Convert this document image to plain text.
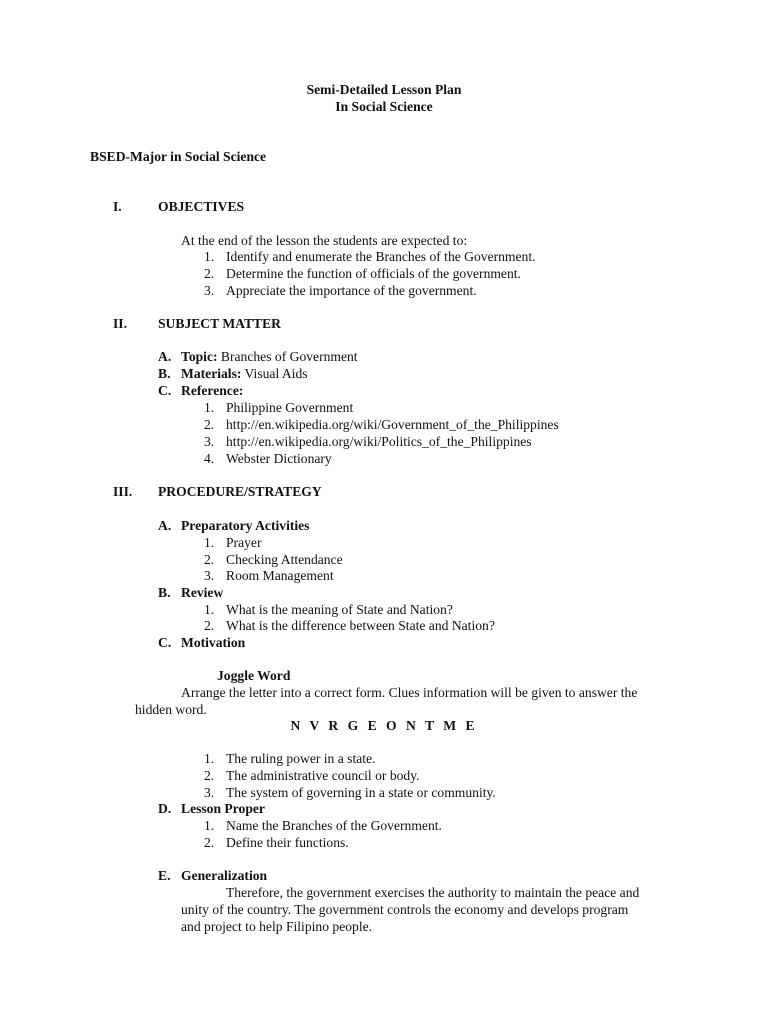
Semi-Detailed Lesson Plan
In Social Science
BSED-Major in Social Science
I.	OBJECTIVES
At the end of the lesson the students are expected to:
1. Identify and enumerate the Branches of the Government.
2. Determine the function of officials of the government.
3. Appreciate the importance of the government.
II. SUBJECT MATTER
A. Topic: Branches of Government
B. Materials: Visual Aids
C. Reference:
1. Philippine Government
2. http://en.wikipedia.org/wiki/Government_of_the_Philippines
3. http://en.wikipedia.org/wiki/Politics_of_the_Philippines
4. Webster Dictionary
III. PROCEDURE/STRATEGY
A. Preparatory Activities
1. Prayer
2. Checking Attendance
3. Room Management
B. Review
1. What is the meaning of State and Nation?
2. What is the difference between State and Nation?
C. Motivation
Joggle Word
Arrange the letter into a correct form. Clues information will be given to answer the
hidden word.
N V R G E O N T M E
1. The ruling power in a state.
2. The administrative council or body.
3. The system of governing in a state or community.
D. Lesson Proper
1. Name the Branches of the Government.
2. Define their functions.
E. Generalization
Therefore, the government exercises the authority to maintain the peace and
unity of the country. The government controls the economy and develops program
and project to help Filipino people.
